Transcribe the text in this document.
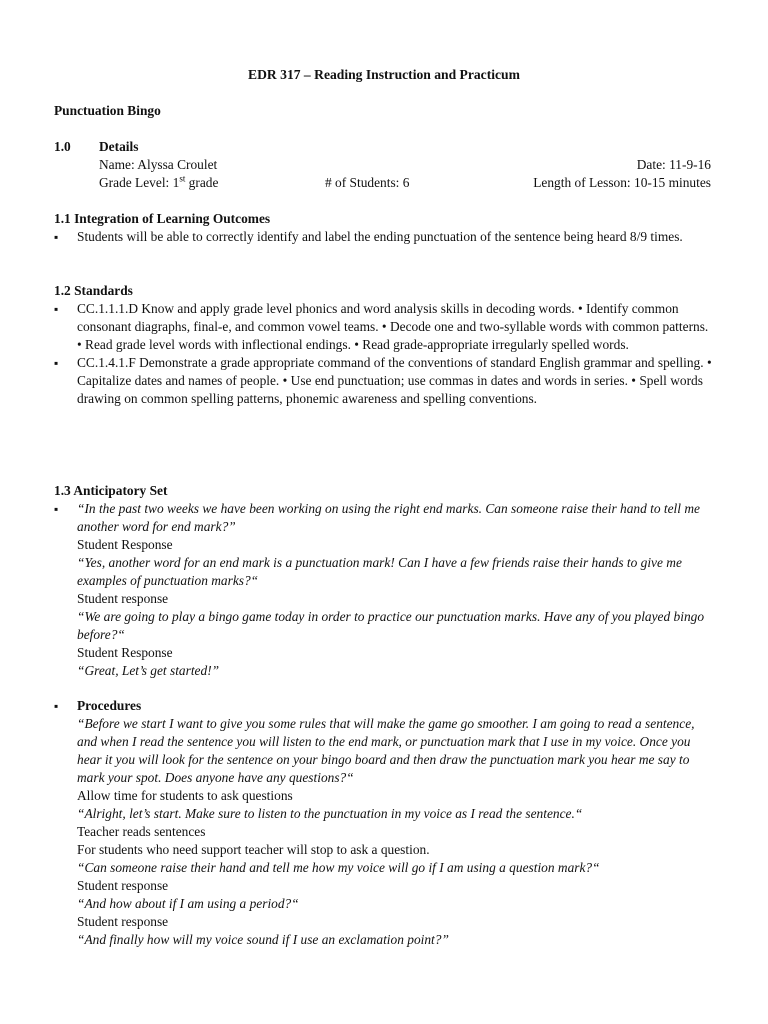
EDR 317 – Reading Instruction and Practicum
Punctuation Bingo
1.0 Details
Name: Alyssa Croulet	Date: 11-9-16
Grade Level: 1st grade	# of Students: 6	Length of Lesson: 10-15 minutes
1.1 Integration of Learning Outcomes
▪ Students will be able to correctly identify and label the ending punctuation of the sentence being heard 8/9 times.
1.2 Standards
▪ CC.1.1.1.D Know and apply grade level phonics and word analysis skills in decoding words. • Identify common consonant diagraphs, final-e, and common vowel teams. • Decode one and two-syllable words with common patterns. • Read grade level words with inflectional endings. • Read grade-appropriate irregularly spelled words.
▪ CC.1.4.1.F Demonstrate a grade appropriate command of the conventions of standard English grammar and spelling. • Capitalize dates and names of people. • Use end punctuation; use commas in dates and words in series. • Spell words drawing on common spelling patterns, phonemic awareness and spelling conventions.
1.3 Anticipatory Set
▪ “In the past two weeks we have been working on using the right end marks. Can someone raise their hand to tell me another word for end mark?”
Student Response
“Yes, another word for an end mark is a punctuation mark! Can I have a few friends raise their hands to give me examples of punctuation marks?“
Student response
“We are going to play a bingo game today in order to practice our punctuation marks. Have any of you played bingo before?“
Student Response
“Great, Let’s get started!”
▪ Procedures
“Before we start I want to give you some rules that will make the game go smoother. I am going to read a sentence, and when I read the sentence you will listen to the end mark, or punctuation mark that I use in my voice. Once you hear it you will look for the sentence on your bingo board and then draw the punctuation mark you hear me say to mark your spot. Does anyone have any questions?“
Allow time for students to ask questions
“Alright, let’s start. Make sure to listen to the punctuation in my voice as I read the sentence.“
Teacher reads sentences
For students who need support teacher will stop to ask a question.
“Can someone raise their hand and tell me how my voice will go if I am using a question mark?“
Student response
“And how about if I am using a period?“
Student response
“And finally how will my voice sound if I use an exclamation point?”
